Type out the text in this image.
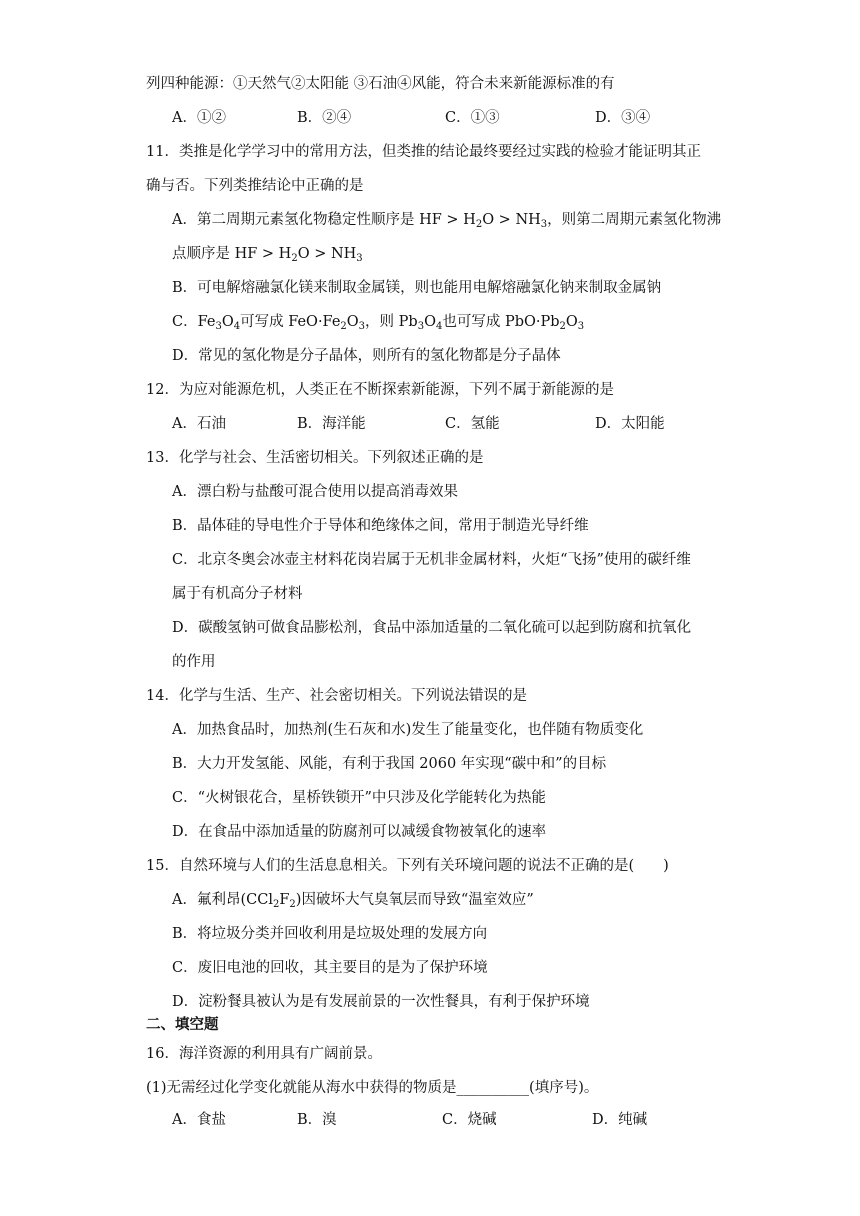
列四种能源：①天然气②太阳能 ③石油④风能，符合未来新能源标准的有
A．①②	B．②④	C．①③	D．③④
11．类推是化学学习中的常用方法，但类推的结论最终要经过实践的检验才能证明其正
确与否。下列类推结论中正确的是
A．第二周期元素氢化物稳定性顺序是 HF > $H_2O > NH_3$，则第二周期元素氢化物沸
点顺序是 HF > $H_2O > NH_3$
B．可电解熔融氯化镁来制取金属镁，则也能用电解熔融氯化钠来制取金属钠
C．$Fe_3O_4$可写成 $FeO\cdot Fe_2O_3$，则 $Pb_3O_4$也可写成 $PbO\cdot Pb_2O_3$
D．常见的氢化物是分子晶体，则所有的氢化物都是分子晶体
12．为应对能源危机，人类正在不断探索新能源，下列不属于新能源的是
A．石油	B．海洋能	C．氢能	D．太阳能
13．化学与社会、生活密切相关。下列叙述正确的是
A．漂白粉与盐酸可混合使用以提高消毒效果
B．晶体硅的导电性介于导体和绝缘体之间，常用于制造光导纤维
C．北京冬奥会冰壶主材料花岗岩属于无机非金属材料，火炬“飞扬”使用的碳纤维
属于有机高分子材料
D．碳酸氢钠可做食品膨松剂，食品中添加适量的二氧化硫可以起到防腐和抗氧化
的作用
14．化学与生活、生产、社会密切相关。下列说法错误的是
A．加热食品时，加热剂(生石灰和水)发生了能量变化，也伴随有物质变化
B．大力开发氢能、风能，有利于我国 2060 年实现“碳中和”的目标
C．“火树银花合，星桥铁锁开”中只涉及化学能转化为热能
D．在食品中添加适量的防腐剂可以减缓食物被氧化的速率
15．自然环境与人们的生活息息相关。下列有关环境问题的说法不正确的是(　　)
A．氟利昂$(CCl_2F_2)$因破坏大气臭氧层而导致“温室效应”
B．将垃圾分类并回收利用是垃圾处理的发展方向
C．废旧电池的回收，其主要目的是为了保护环境
D．淀粉餐具被认为是有发展前景的一次性餐具，有利于保护环境
二、填空题
16．海洋资源的利用具有广阔前景。
(1)无需经过化学变化就能从海水中获得的物质是__________(填序号)。
A．食盐	B．溴	C．烧碱	D．纯碱
